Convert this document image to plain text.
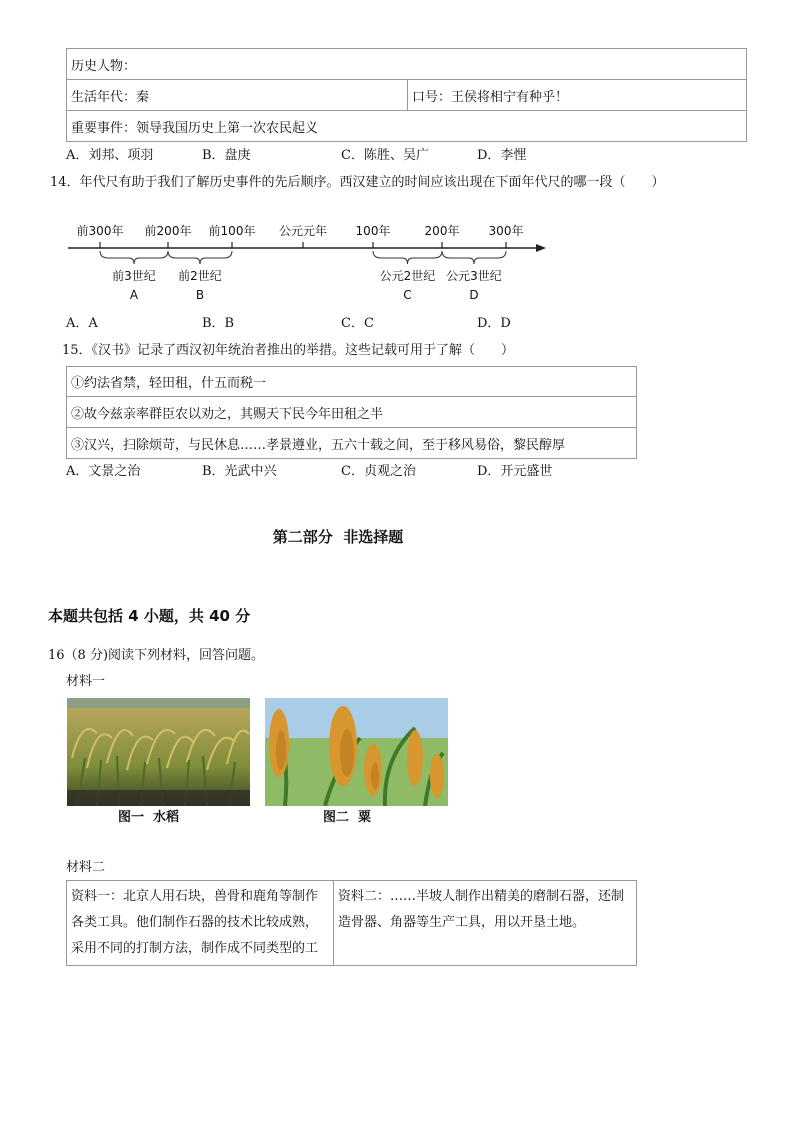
历史人物：
生活年代：秦	口号：王侯将相宁有种乎！
重要事件：领导我国历史上第一次农民起义
A．刘邦、项羽	B．盘庚	C．陈胜、吴广	D．李悝
14．年代尺有助于我们了解历史事件的先后顺序。西汉建立的时间应该出现在下面年代尺的哪一段（　　）
前300年 前200年 前100年 公元元年 100年	200年 300年
前3世纪
A
前2世纪
B
公元2世纪
C
公元3世纪
D
A．A	B．B	C．C	D．D
15．《汉书》记录了西汉初年统治者推出的举措。这些记载可用于了解（　　）
①约法省禁，轻田租，什五而税一
②故今兹亲率群臣农以劝之，其赐天下民今年田租之半
③汉兴，扫除烦苛，与民休息……孝景遵业，五六十载之间，至于移风易俗，黎民醇厚
A．文景之治	B．光武中兴	C．贞观之治	D．开元盛世
第二部分  非选择题
本题共包括 4 小题，共 40 分
16（8 分)阅读下列材料，回答问题。
材料一
图一  水稻	图二  粟
材料二
资料一：北京人用石块，兽骨和鹿角等制作
各类工具。他们制作石器的技术比较成熟，
采用不同的打制方法，制作成不同类型的工

资料二：……半坡人制作出精美的磨制石器，还制
造骨器、角器等生产工具，用以开垦土地。
